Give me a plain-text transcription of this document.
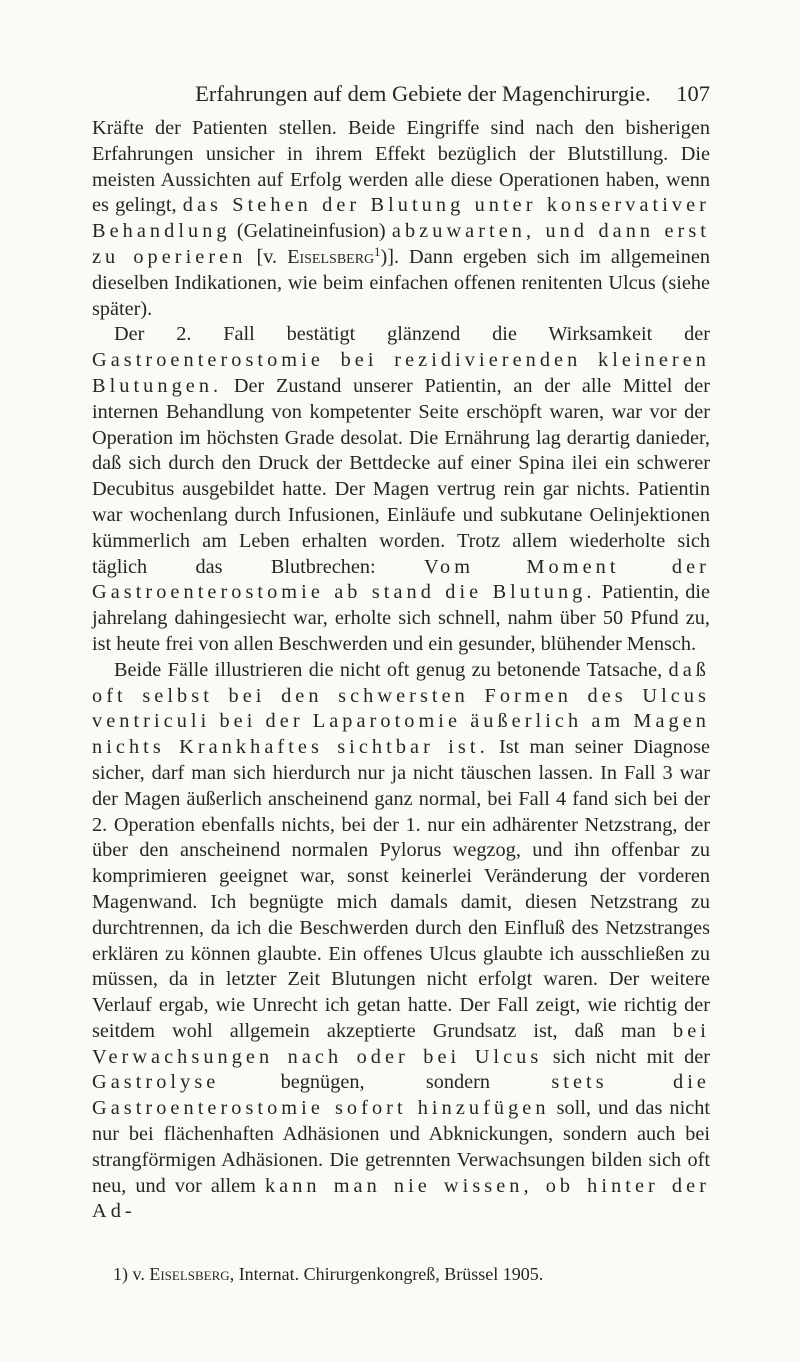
Erfahrungen auf dem Gebiete der Magenchirurgie.	107

Kräfte der Patienten stellen. Beide Eingriffe sind nach den bisherigen Erfahrungen unsicher in ihrem Effekt bezüglich der Blutstillung. Die meisten Aussichten auf Erfolg werden alle diese Operationen haben, wenn es gelingt, das Stehen der Blutung unter konservativer Behandlung (Gelatineinfusion) abzuwarten, und dann erst zu operieren [v. Eiselsberg$^1$)]. Dann ergeben sich im allgemeinen dieselben Indikationen, wie beim einfachen offenen renitenten Ulcus (siehe später).

Der 2. Fall bestätigt glänzend die Wirksamkeit der Gastroenterostomie bei rezidivierenden kleineren Blutungen. Der Zustand unserer Patientin, an der alle Mittel der internen Behandlung von kompetenter Seite erschöpft waren, war vor der Operation im höchsten Grade desolat. Die Ernährung lag derartig danieder, daß sich durch den Druck der Bettdecke auf einer Spina ilei ein schwerer Decubitus ausgebildet hatte. Der Magen vertrug rein gar nichts. Patientin war wochenlang durch Infusionen, Einläufe und subkutane Oelinjektionen kümmerlich am Leben erhalten worden. Trotz allem wiederholte sich täglich das Blutbrechen: Vom Moment der Gastroenterostomie ab stand die Blutung. Patientin, die jahrelang dahingesiecht war, erholte sich schnell, nahm über 50 Pfund zu, ist heute frei von allen Beschwerden und ein gesunder, blühender Mensch.

Beide Fälle illustrieren die nicht oft genug zu betonende Tatsache, daß oft selbst bei den schwersten Formen des Ulcus ventriculi bei der Laparotomie äußerlich am Magen nichts Krankhaftes sichtbar ist. Ist man seiner Diagnose sicher, darf man sich hierdurch nur ja nicht täuschen lassen. In Fall 3 war der Magen äußerlich anscheinend ganz normal, bei Fall 4 fand sich bei der 2. Operation ebenfalls nichts, bei der 1. nur ein adhärenter Netzstrang, der über den anscheinend normalen Pylorus wegzog, und ihn offenbar zu komprimieren geeignet war, sonst keinerlei Veränderung der vorderen Magenwand. Ich begnügte mich damals damit, diesen Netzstrang zu durchtrennen, da ich die Beschwerden durch den Einfluß des Netzstranges erklären zu können glaubte. Ein offenes Ulcus glaubte ich ausschließen zu müssen, da in letzter Zeit Blutungen nicht erfolgt waren. Der weitere Verlauf ergab, wie Unrecht ich getan hatte. Der Fall zeigt, wie richtig der seitdem wohl allgemein akzeptierte Grundsatz ist, daß man bei Verwachsungen nach oder bei Ulcus sich nicht mit der Gastrolyse begnügen, sondern stets die Gastroenterostomie sofort hinzufügen soll, und das nicht nur bei flächenhaften Adhäsionen und Abknickungen, sondern auch bei strangförmigen Adhäsionen. Die getrennten Verwachsungen bilden sich oft neu, und vor allem kann man nie wissen, ob hinter der Ad-

1) v. Eiselsberg, Internat. Chirurgenkongreß, Brüssel 1905.
